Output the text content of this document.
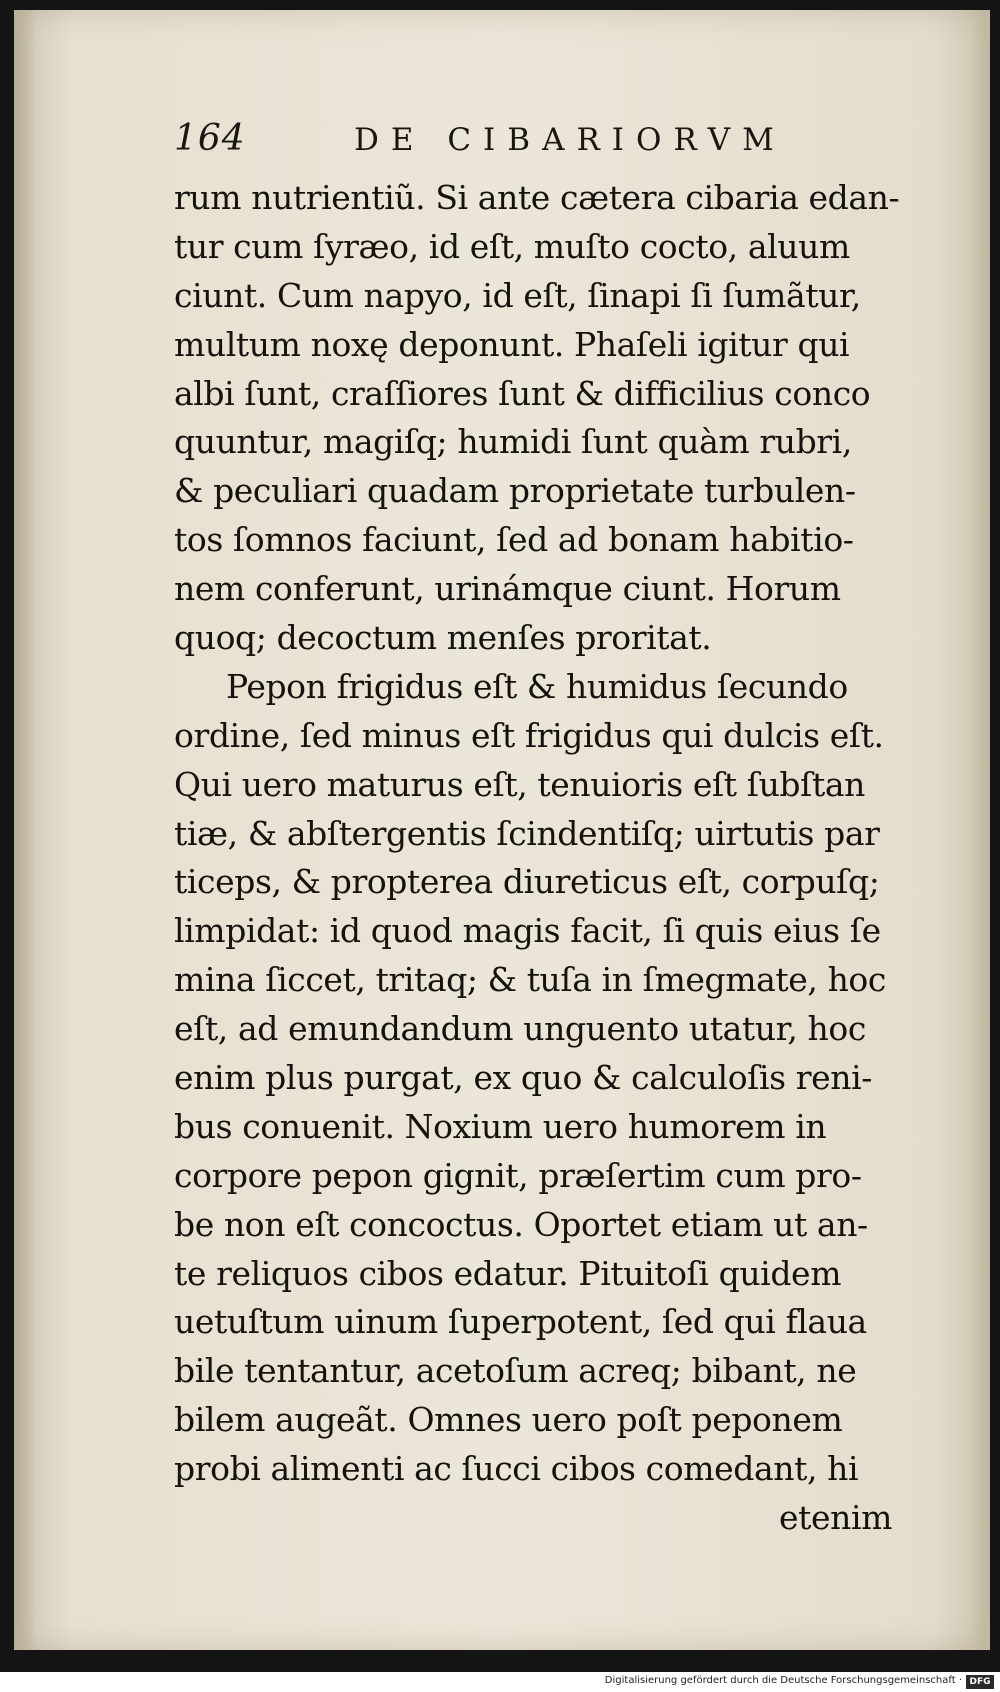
164	DE CIBARIORVM
rum nutrientiũ. Si ante cætera cibaria edan-
tur cum ſyræo, id eſt, muſto coсto, aluum
ciunt. Cum napyo, id eſt, ſinapi ſi ſumãtur,
multum noxę deponunt. Phaſeli igitur qui
albi ſunt, craſſiores ſunt & difficilius conco
quuntur, magiſq; humidi ſunt quàm rubri,
& peculiari quadam proprietate turbulen-
tos ſomnos faciunt, ſed ad bonam habitio-
nem conferunt, urinámque ciunt. Horum
quoq; decoctum menſes proritat.
Pepon frigidus eſt & humidus ſecundo
ordine, ſed minus eſt frigidus qui dulcis eſt.
Qui uero maturus eſt, tenuioris eſt ſubſtan
tiæ, & abſtergentis ſcindentiſq; uirtutis par
ticeps, & propterea diureticus eſt, corpuſq;
limpidat: id quod magis facit, ſi quis eius ſe
mina ſiccet, tritaq; & tuſa in ſmegmate, hoc
eſt, ad emundandum unguento utatur, hoc
enim plus purgat, ex quo & calculoſis reni-
bus conuenit. Noxium uero humorem in
corpore pepon gignit, præſertim cum pro-
be non eſt concoctus. Oportet etiam ut an-
te reliquos cibos edatur. Pituitoſi quidem
uetuſtum uinum ſuperpotent, ſed qui flaua
bile tentantur, acetoſum acreq; bibant, ne
bilem augeãt. Omnes uero poſt peponem
probi alimenti ac ſucci cibos comedant, hi
etenim
Digitalisierung gefördert durch die Deutsche Forschungsgemeinschaft · DFG
